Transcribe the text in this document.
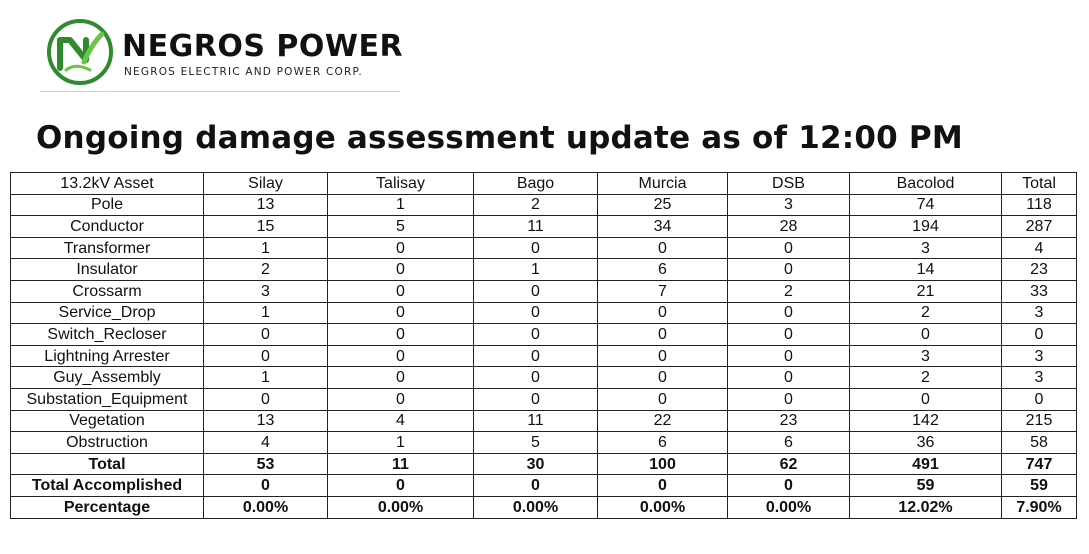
NEGROS POWER
NEGROS ELECTRIC AND POWER CORP.
Ongoing damage assessment update as of 12:00 PM
13.2kV Asset	Silay	Talisay	Bago	Murcia	DSB	Bacolod	Total
Pole	13	1	2	25	3	74	118
Conductor	15	5	11	34	28	194	287
Transformer	1	0	0	0	0	3	4
Insulator	2	0	1	6	0	14	23
Crossarm	3	0	0	7	2	21	33
Service_Drop	1	0	0	0	0	2	3
Switch_Recloser	0	0	0	0	0	0	0
Lightning Arrester	0	0	0	0	0	3	3
Guy_Assembly	1	0	0	0	0	2	3
Substation_Equipment	0	0	0	0	0	0	0
Vegetation	13	4	11	22	23	142	215
Obstruction	4	1	5	6	6	36	58
Total	53	11	30	100	62	491	747
Total Accomplished	0	0	0	0	0	59	59
Percentage	0.00%	0.00%	0.00%	0.00%	0.00%	12.02%	7.90%
